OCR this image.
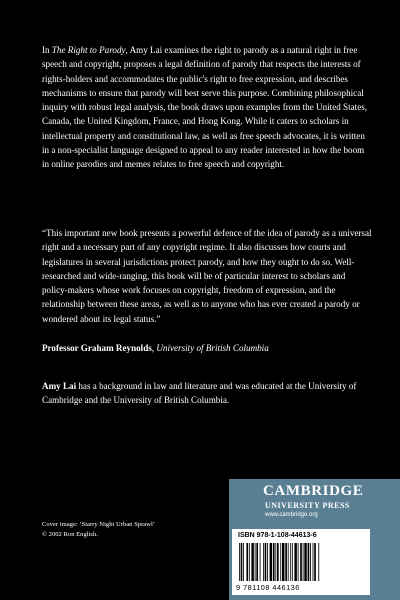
In The Right to Parody, Amy Lai examines the right to parody as a natural right in free speech and copyright, proposes a legal definition of parody that respects the interests of rights-holders and accommodates the public's right to free expression, and describes mechanisms to ensure that parody will best serve this purpose. Combining philosophical inquiry with robust legal analysis, the book draws upon examples from the United States, Canada, the United Kingdom, France, and Hong Kong. While it caters to scholars in intellectual property and constitutional law, as well as free speech advocates, it is written in a non-specialist language designed to appeal to any reader interested in how the boom in online parodies and memes relates to free speech and copyright.

“This important new book presents a powerful defence of the idea of parody as a universal right and a necessary part of any copyright regime. It also discusses how courts and legislatures in several jurisdictions protect parody, and how they ought to do so. Well-researched and wide-ranging, this book will be of particular interest to scholars and policy-makers whose work focuses on copyright, freedom of expression, and the relationship between these areas, as well as to anyone who has ever created a parody or wondered about its legal status.”

Professor Graham Reynolds, University of British Columbia

Amy Lai has a background in law and literature and was educated at the University of Cambridge and the University of British Columbia.

Cover image: ‘Starry Night Urban Sprawl’
© 2002 Ron English.

CAMBRIDGE

UNIVERSITY PRESS

www.cambridge.org

ISBN 978-1-108-44613-6

9 781108 446136
